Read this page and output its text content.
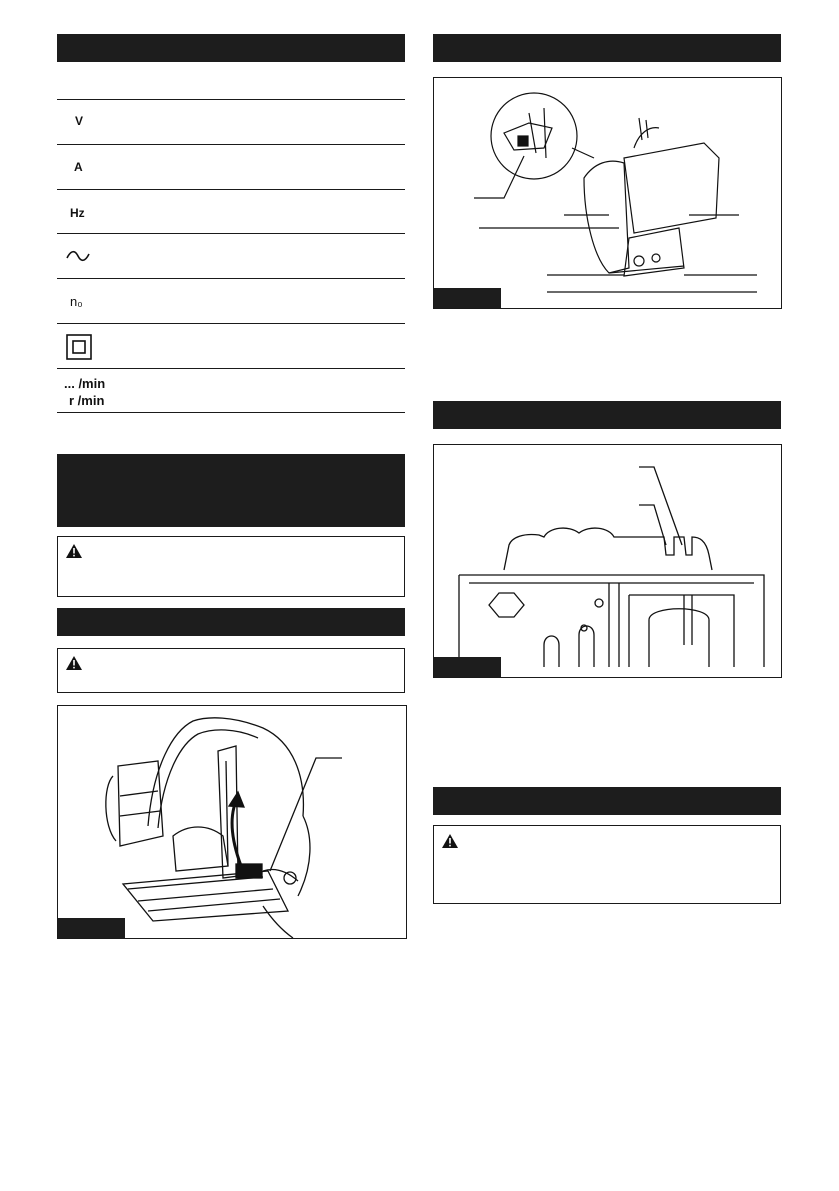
V
A
Hz
n₀
... /min
r /min
